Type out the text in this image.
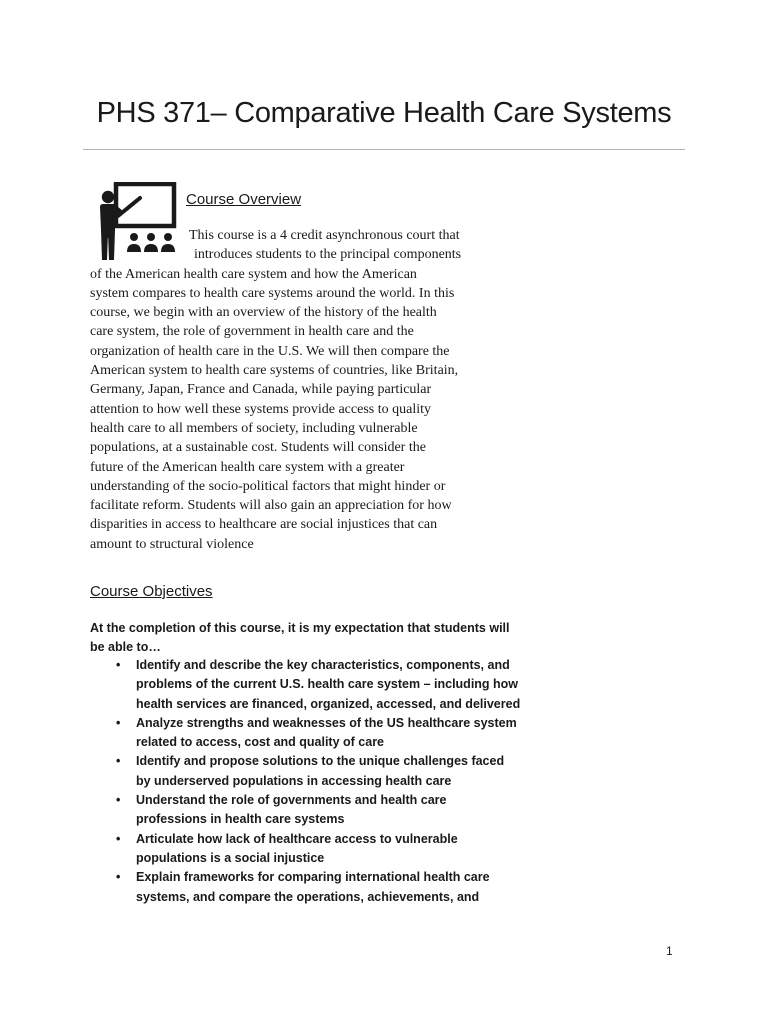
PHS 371– Comparative Health Care Systems
Course Overview
This course is a 4 credit asynchronous court that
introduces students to the principal components
of the American health care system and how the American
system compares to health care systems around the world. In this
course, we begin with an overview of the history of the health
care system, the role of government in health care and the
organization of health care in the U.S. We will then compare the
American system to health care systems of countries, like Britain,
Germany, Japan, France and Canada, while paying particular
attention to how well these systems provide access to quality
health care to all members of society, including vulnerable
populations, at a sustainable cost. Students will consider the
future of the American health care system with a greater
understanding of the socio-political factors that might hinder or
facilitate reform. Students will also gain an appreciation for how
disparities in access to healthcare are social injustices that can
amount to structural violence
Course Objectives
At the completion of this course, it is my expectation that students will
be able to…
• Identify and describe the key characteristics, components, and
problems of the current U.S. health care system – including how
health services are financed, organized, accessed, and delivered
• Analyze strengths and weaknesses of the US healthcare system
related to access, cost and quality of care
• Identify and propose solutions to the unique challenges faced
by underserved populations in accessing health care
• Understand the role of governments and health care
professions in health care systems
• Articulate how lack of healthcare access to vulnerable
populations is a social injustice
• Explain frameworks for comparing international health care
systems, and compare the operations, achievements, and
1
